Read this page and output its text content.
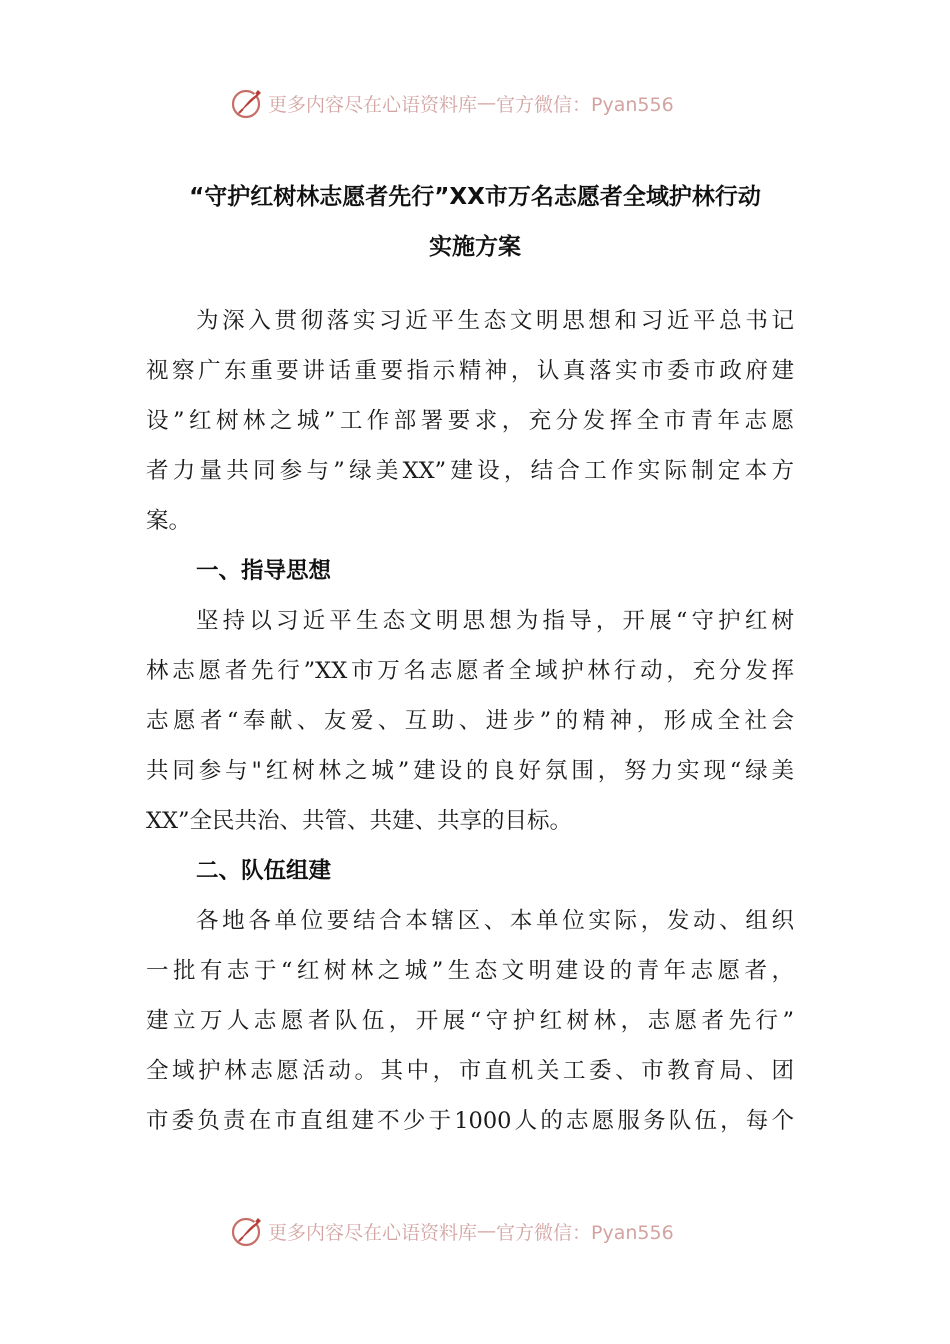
更多内容尽在心语资料库 — 官方微信：Pyan556
“守护红树林志愿者先行”XX市万名志愿者全域护林行动
实施方案
为深入贯彻落实习近平生态文明思想和习近平总书记
视察广东重要讲话重要指示精神，认真落实市委市政府建
设”红树林之城”工作部署要求，充分发挥全市青年志愿
者力量共同参与”绿美XX”建设，结合工作实际制定本方
案。
一、指导思想
坚持以习近平生态文明思想为指导，开展“守护红树
林志愿者先行”XX市万名志愿者全域护林行动，充分发挥
志愿者“奉献、友爱、互助、进步”的精神，形成全社会
共同参与"红树林之城”建设的良好氛围，努力实现“绿美
XX”全民共治、共管、共建、共享的目标。
二、队伍组建
各地各单位要结合本辖区、本单位实际，发动、组织
一批有志于“红树林之城”生态文明建设的青年志愿者，
建立万人志愿者队伍，开展“守护红树林，志愿者先行”
全域护林志愿活动。其中，市直机关工委、市教育局、团
市委负责在市直组建不少于1000人的志愿服务队伍，每个
更多内容尽在心语资料库 — 官方微信：Pyan556
